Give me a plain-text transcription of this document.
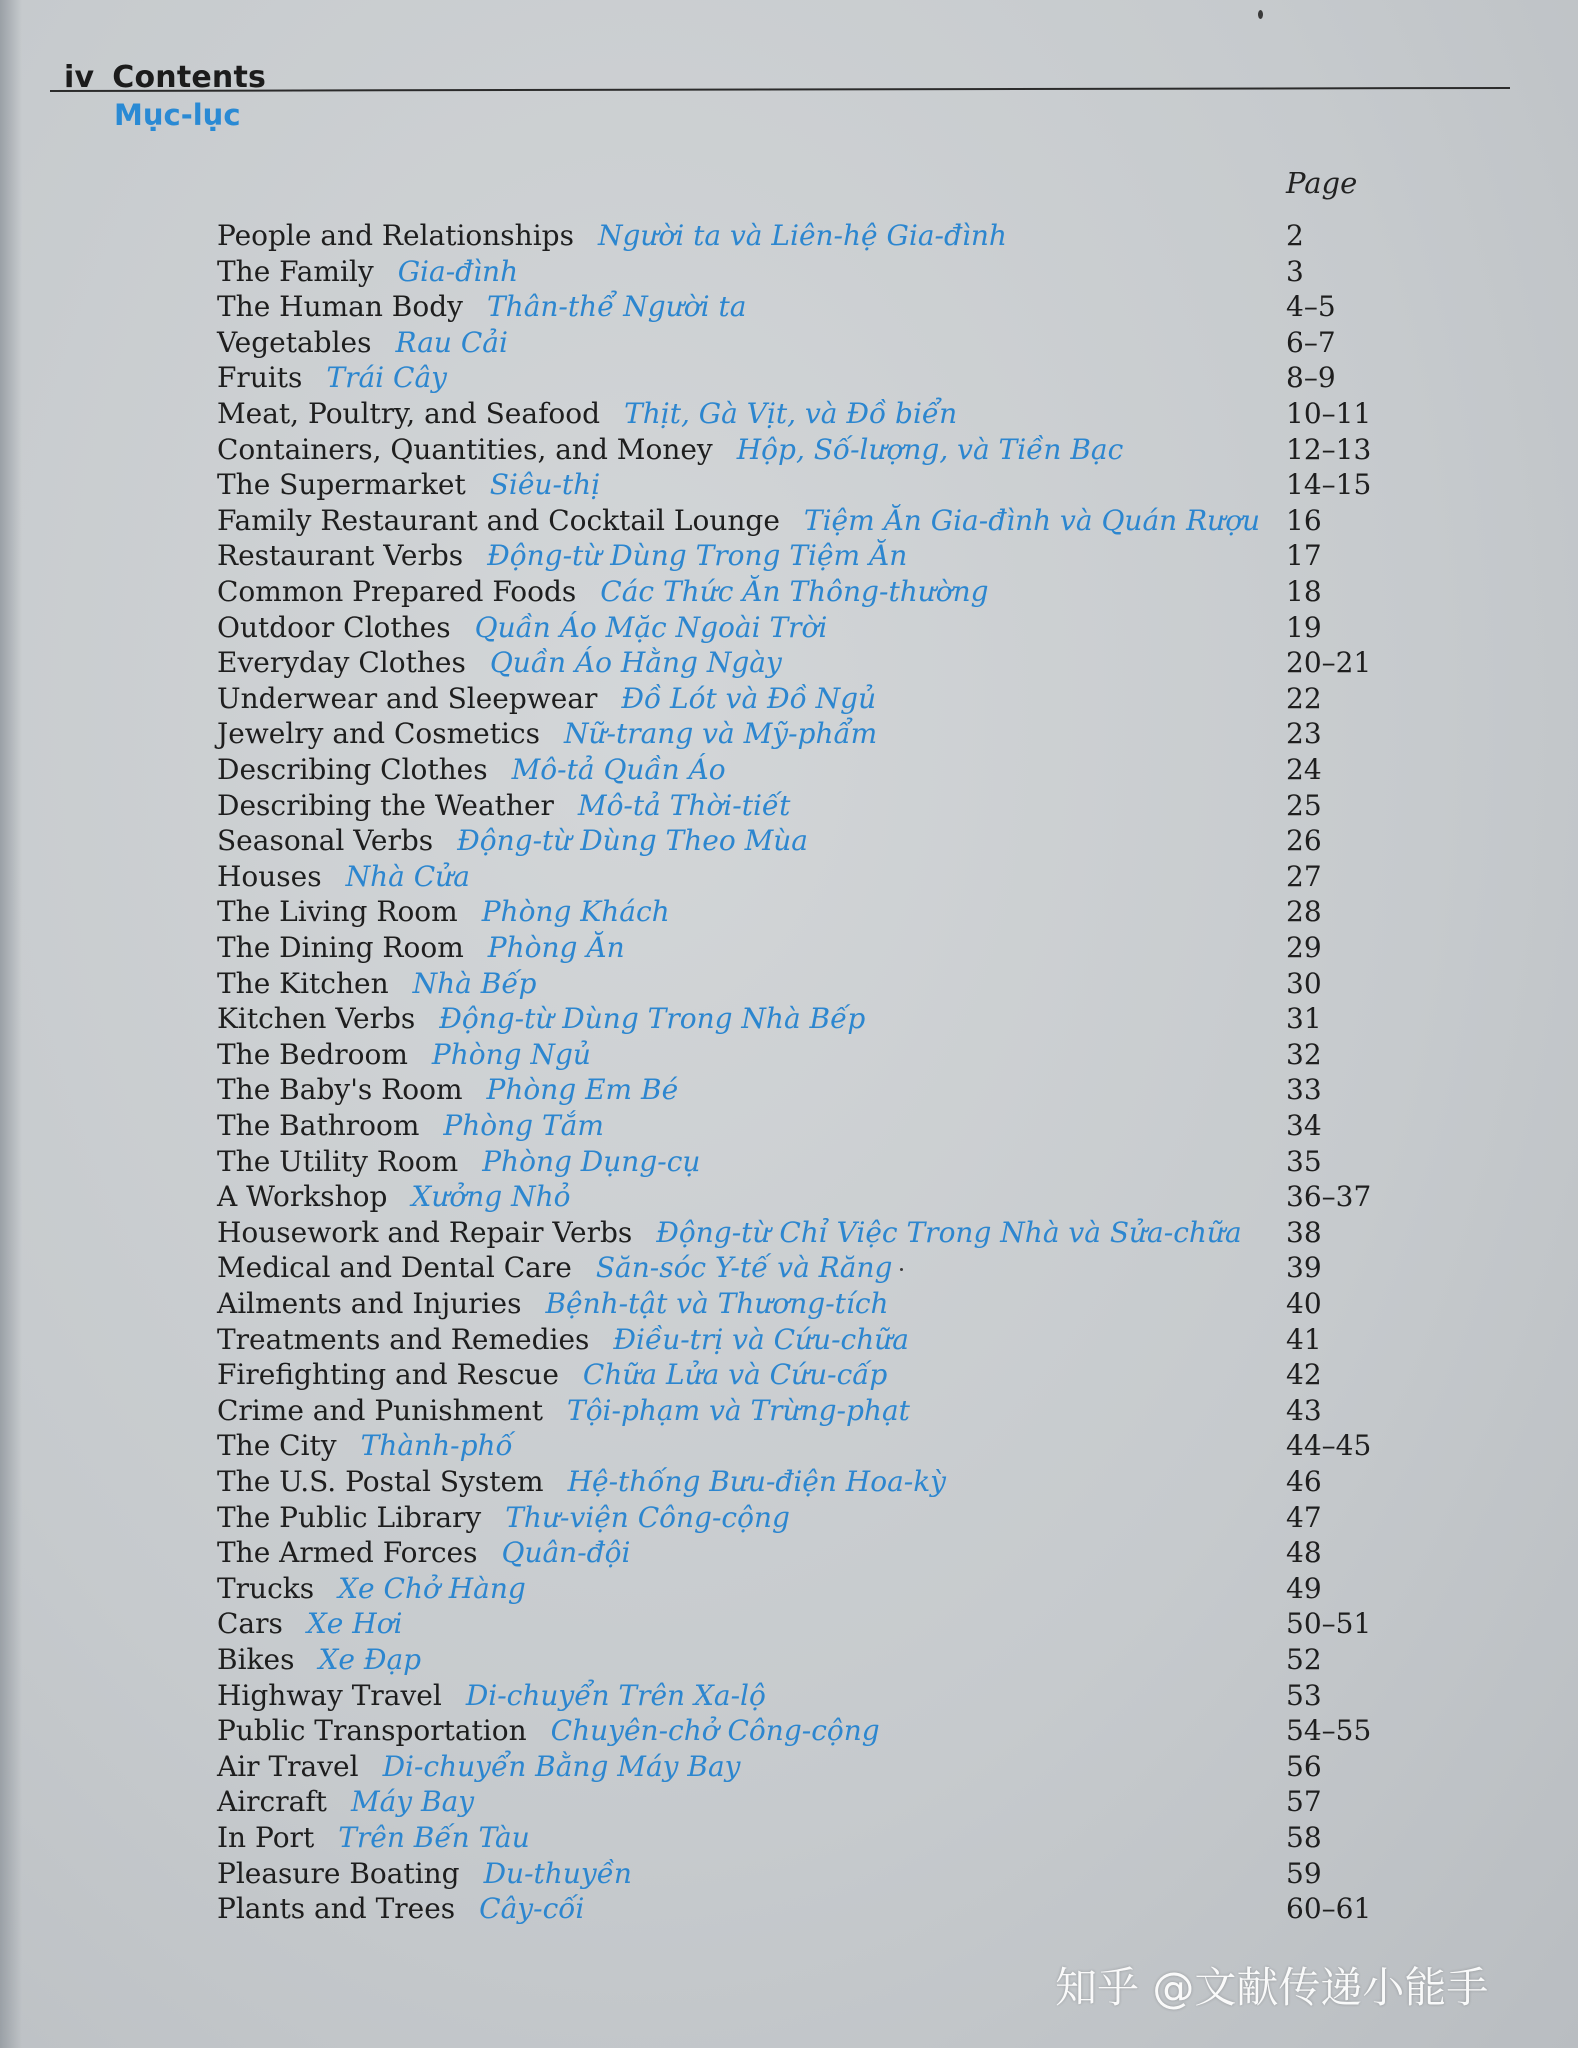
iv Contents
Mục-lục
Page
People and Relationships Người ta và Liên-hệ Gia-đình	2
The Family Gia-đình	3
The Human Body Thân-thể Người ta	4–5
Vegetables Rau Cải	6–7
Fruits Trái Cây	8–9
Meat, Poultry, and Seafood Thịt, Gà Vịt, và Đồ biển	10–11
Containers, Quantities, and Money Hộp, Số-lượng, và Tiền Bạc	12–13
The Supermarket Siêu-thị	14–15
Family Restaurant and Cocktail Lounge Tiệm Ăn Gia-đình và Quán Rượu 16
Restaurant Verbs Động-từ Dùng Trong Tiệm Ăn	17
Common Prepared Foods Các Thức Ăn Thông-thường	18
Outdoor Clothes Quần Áo Mặc Ngoài Trời	19
Everyday Clothes Quần Áo Hằng Ngày	20–21
Underwear and Sleepwear Đồ Lót và Đồ Ngủ	22
Jewelry and Cosmetics Nữ-trang và Mỹ-phẩm	23
Describing Clothes Mô-tả Quần Áo	24
Describing the Weather Mô-tả Thời-tiết	25
Seasonal Verbs Động-từ Dùng Theo Mùa	26
Houses Nhà Cửa	27
The Living Room Phòng Khách	28
The Dining Room Phòng Ăn	29
The Kitchen Nhà Bếp	30
Kitchen Verbs Động-từ Dùng Trong Nhà Bếp	31
The Bedroom Phòng Ngủ	32
The Baby's Room Phòng Em Bé	33
The Bathroom Phòng Tắm	34
The Utility Room Phòng Dụng-cụ	35
A Workshop Xưởng Nhỏ	36–37
Housework and Repair Verbs Động-từ Chỉ Việc Trong Nhà và Sửa-chữa 38
Medical and Dental Care Săn-sóc Y-tế và Răng	39
Ailments and Injuries Bệnh-tật và Thương-tích	40
Treatments and Remedies Điều-trị và Cứu-chữa	41
Firefighting and Rescue Chữa Lửa và Cứu-cấp	42
Crime and Punishment Tội-phạm và Trừng-phạt	43
The City Thành-phố	44–45
The U.S. Postal System Hệ-thống Bưu-điện Hoa-kỳ	46
The Public Library Thư-viện Công-cộng	47
The Armed Forces Quân-đội	48
Trucks Xe Chở Hàng	49
Cars Xe Hơi	50–51
Bikes Xe Đạp	52
Highway Travel Di-chuyển Trên Xa-lộ	53
Public Transportation Chuyên-chở Công-cộng	54–55
Air Travel Di-chuyển Bằng Máy Bay	56
Aircraft Máy Bay	57
In Port Trên Bến Tàu	58
Pleasure Boating Du-thuyền	59
Plants and Trees Cây-cối	60–61
知乎 @文献传递小能手
